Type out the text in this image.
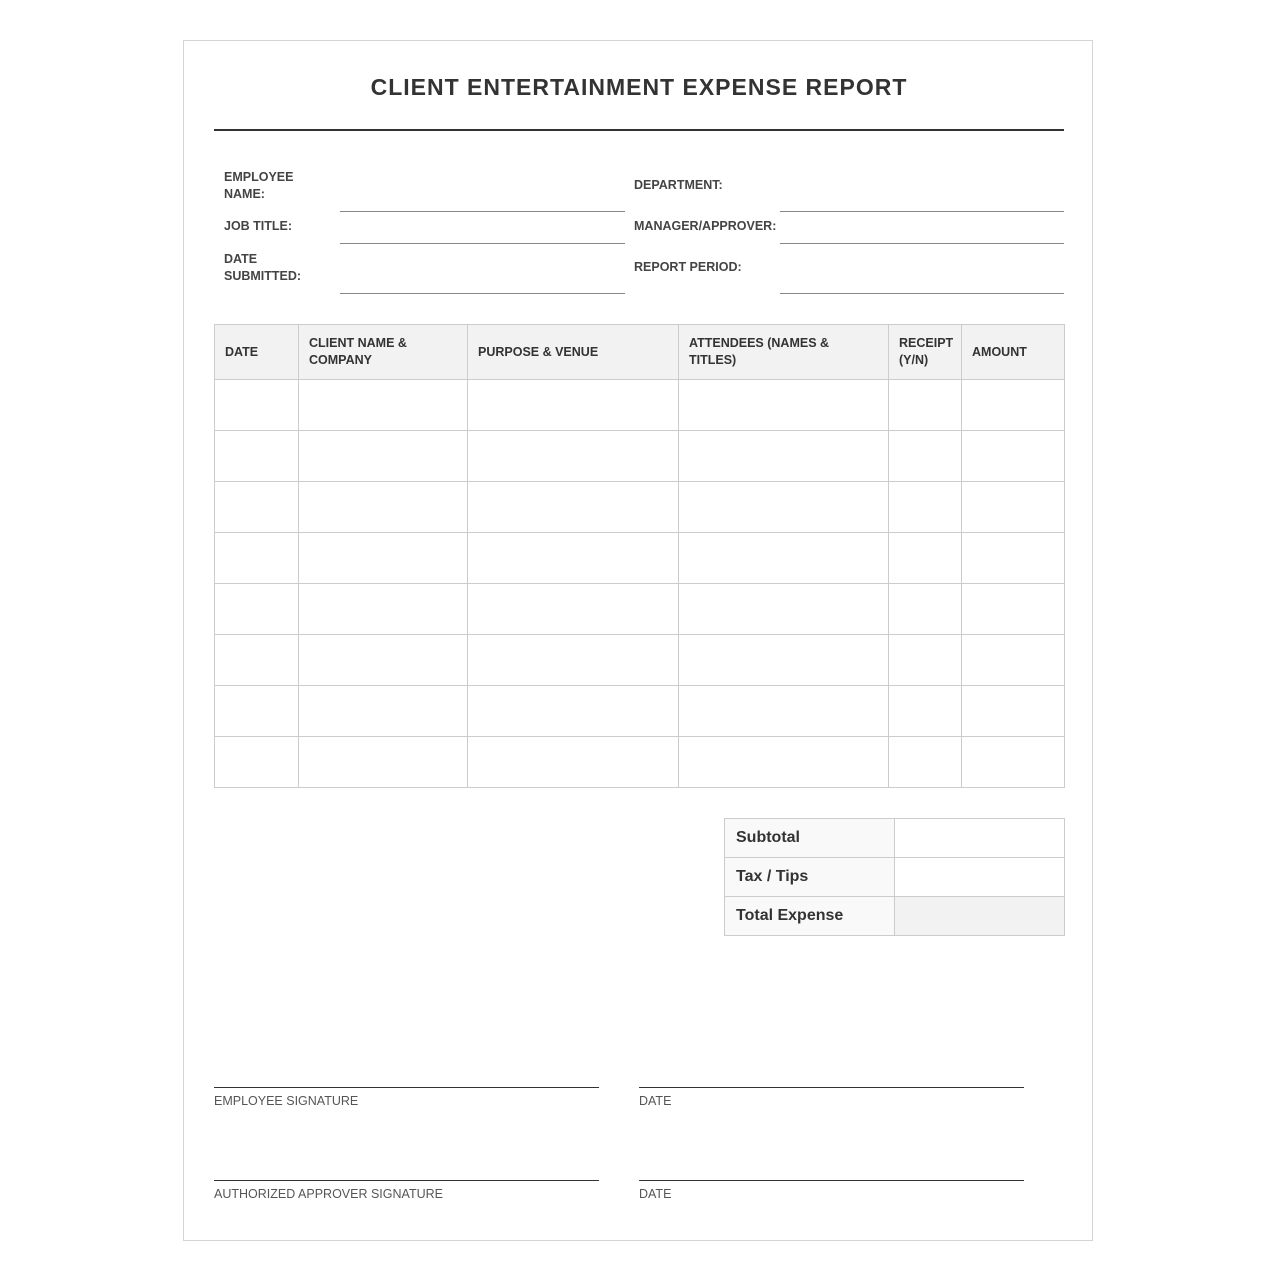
CLIENT ENTERTAINMENT EXPENSE REPORT
EMPLOYEE NAME:
JOB TITLE:
DATE SUBMITTED:
DEPARTMENT:
MANAGER/APPROVER:
REPORT PERIOD:
DATE	CLIENT NAME & COMPANY	PURPOSE & VENUE	ATTENDEES (NAMES & TITLES)	RECEIPT (Y/N)	AMOUNT

Subtotal	
Tax / Tips	
Total Expense	
EMPLOYEE SIGNATURE	DATE
AUTHORIZED APPROVER SIGNATURE	DATE
